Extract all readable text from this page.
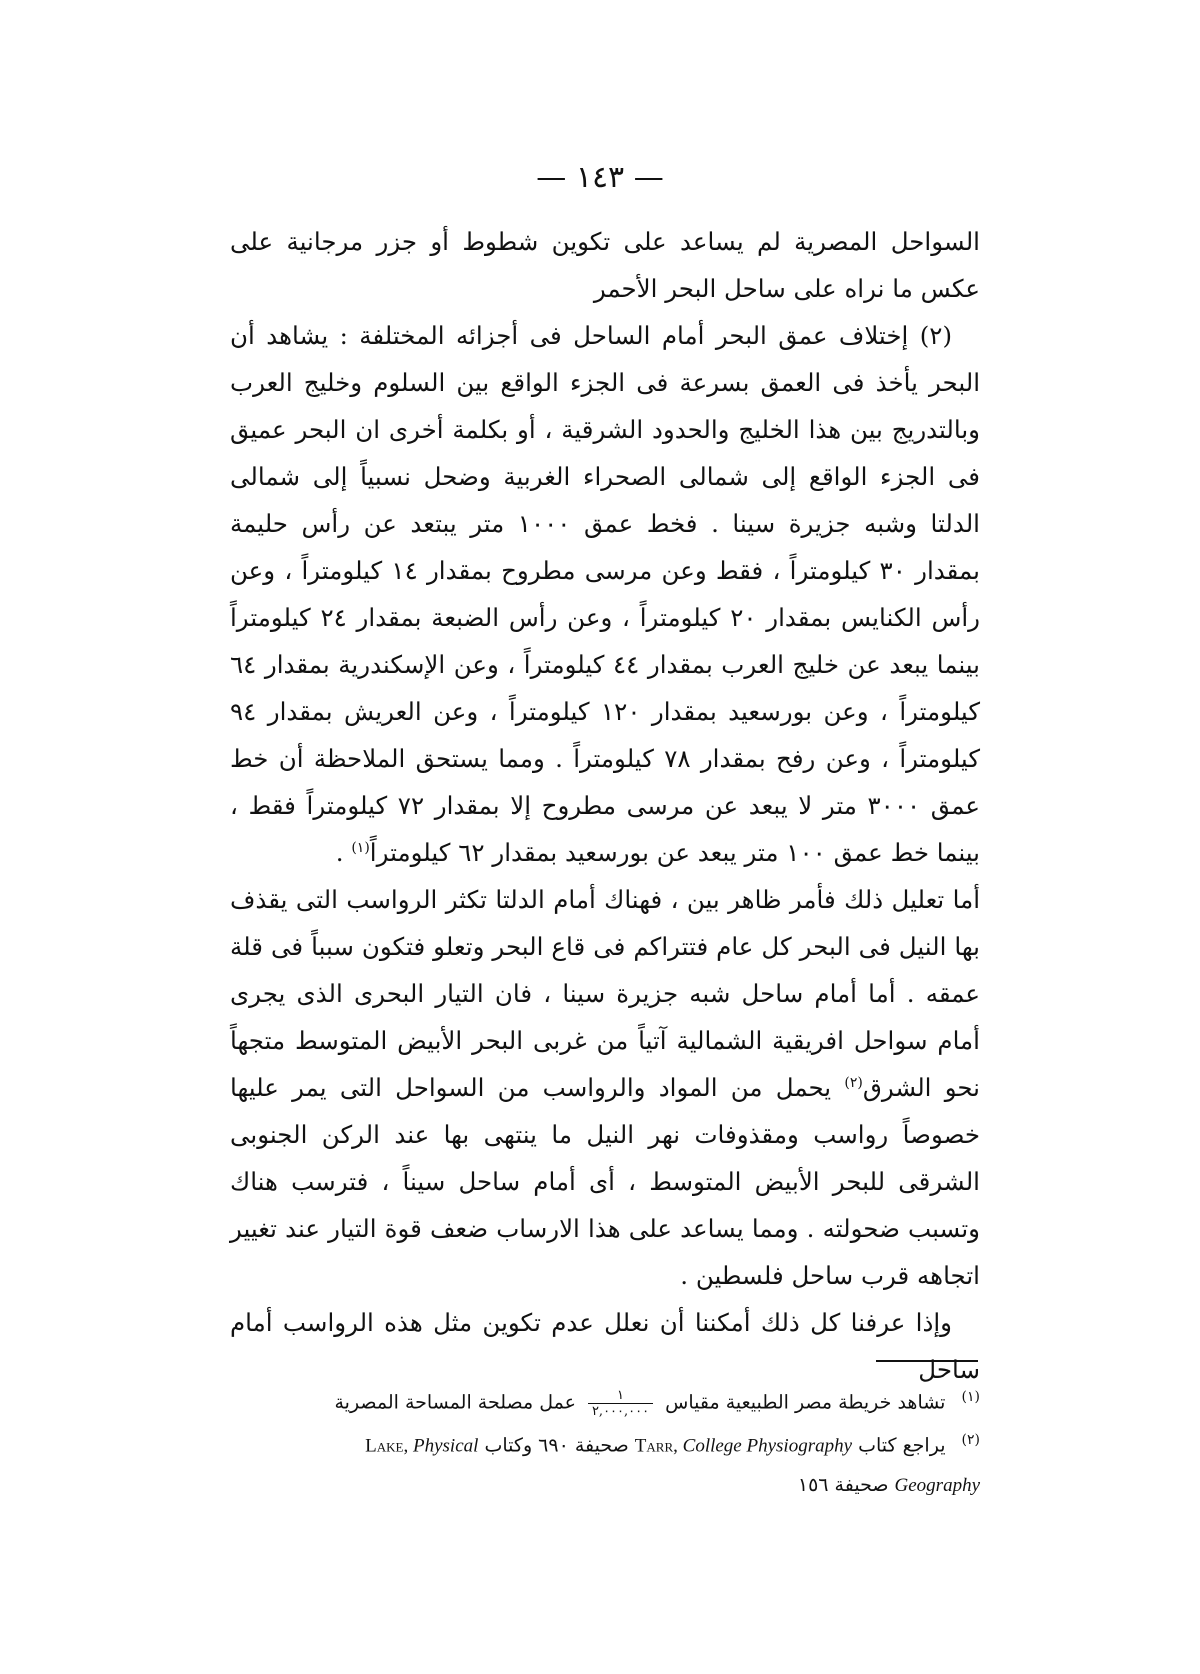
— ١٤٣ —

السواحل المصرية لم يساعد على تكوين شطوط أو جزر مرجانية على عكس ما نراه على ساحل البحر الأحمر

(٢) إختلاف عمق البحر أمام الساحل فى أجزائه المختلفة : يشاهد أن البحر يأخذ فى العمق بسرعة فى الجزء الواقع بين السلوم وخليج العرب وبالتدريج بين هذا الخليج والحدود الشرقية ، أو بكلمة أخرى ان البحر عميق فى الجزء الواقع إلى شمالى الصحراء الغربية وضحل نسبياً إلى شمالى الدلتا وشبه جزيرة سينا . فخط عمق ١٠٠٠ متر يبتعد عن رأس حليمة بمقدار ٣٠ كيلومتراً ، فقط وعن مرسى مطروح بمقدار ١٤ كيلومتراً ، وعن رأس الكنايس بمقدار ٢٠ كيلومتراً ، وعن رأس الضبعة بمقدار ٢٤ كيلومتراً بينما يبعد عن خليج العرب بمقدار ٤٤ كيلومتراً ، وعن الإسكندرية بمقدار ٦٤ كيلومتراً ، وعن بورسعيد بمقدار ١٢٠ كيلومتراً ، وعن العريش بمقدار ٩٤ كيلومتراً ، وعن رفح بمقدار ٧٨ كيلومتراً . ومما يستحق الملاحظة أن خط عمق ٣٠٠٠ متر لا يبعد عن مرسى مطروح إلا بمقدار ٧٢ كيلومتراً فقط ، بينما خط عمق ١٠٠ متر يبعد عن بورسعيد بمقدار ٦٢ كيلومتراً$^{(١)}$ .

أما تعليل ذلك فأمر ظاهر بين ، فهناك أمام الدلتا تكثر الرواسب التى يقذف بها النيل فى البحر كل عام فتتراكم فى قاع البحر وتعلو فتكون سبباً فى قلة عمقه . أما أمام ساحل شبه جزيرة سينا ، فان التيار البحرى الذى يجرى أمام سواحل افريقية الشمالية آتياً من غربى البحر الأبيض المتوسط متجهاً نحو الشرق$^{(٢)}$ يحمل من المواد والرواسب من السواحل التى يمر عليها خصوصاً رواسب ومقذوفات نهر النيل ما ينتهى بها عند الركن الجنوبى الشرقى للبحر الأبيض المتوسط ، أى أمام ساحل سيناً ، فترسب هناك وتسبب ضحولته . ومما يساعد على هذا الارساب ضعف قوة التيار عند تغيير اتجاهه قرب ساحل فلسطين .

وإذا عرفنا كل ذلك أمكننا أن نعلل عدم تكوين مثل هذه الرواسب أمام ساحل

$^{(١)}$ تشاهد خريطة مصر الطبيعية مقياس
$\frac{١}{٢,٠٠٠,٠٠٠}$
عمل مصلحة المساحة المصرية

$^{(٢)}$ يراجع كتاب Tarr, College Physiography صحيفة ٦٩٠ وكتاب Lake, Physical

Geography صحيفة ١٥٦
